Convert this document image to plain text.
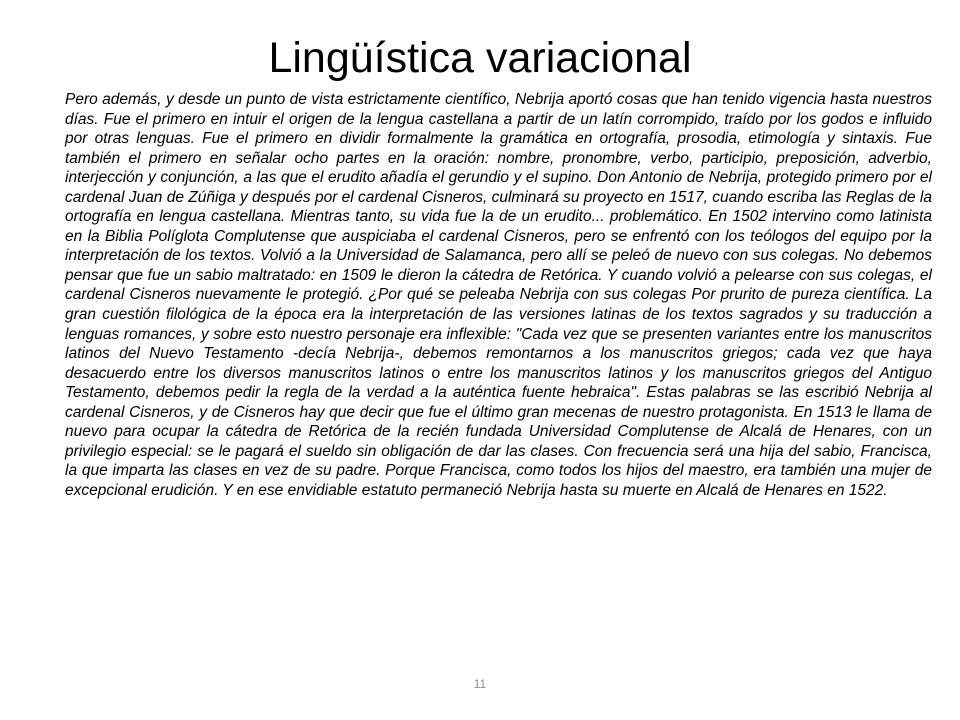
Lingüística variacional

Pero además, y desde un punto de vista estrictamente científico, Nebrija aportó cosas que han tenido vigencia hasta nuestros días. Fue el primero en intuir el origen de la lengua castellana a partir de un latín corrompido, traído por los godos e influido por otras lenguas. Fue el primero en dividir formalmente la gramática en ortografía, prosodia, etimología y sintaxis. Fue también el primero en señalar ocho partes en la oración: nombre, pronombre, verbo, participio, preposición, adverbio, interjección y conjunción, a las que el erudito añadía el gerundio y el supino. Don Antonio de Nebrija, protegido primero por el cardenal Juan de Zúñiga y después por el cardenal Cisneros, culminará su proyecto en 1517, cuando escriba las Reglas de la ortografía en lengua castellana. Mientras tanto, su vida fue la de un erudito... problemático. En 1502 intervino como latinista en la Biblia Políglota Complutense que auspiciaba el cardenal Cisneros, pero se enfrentó con los teólogos del equipo por la interpretación de los textos. Volvió a la Universidad de Salamanca, pero allí se peleó de nuevo con sus colegas. No debemos pensar que fue un sabio maltratado: en 1509 le dieron la cátedra de Retórica. Y cuando volvió a pelearse con sus colegas, el cardenal Cisneros nuevamente le protegió. ¿Por qué se peleaba Nebrija con sus colegas Por prurito de pureza científica. La gran cuestión filológica de la época era la interpretación de las versiones latinas de los textos sagrados y su traducción a lenguas romances, y sobre esto nuestro personaje era inflexible: "Cada vez que se presenten variantes entre los manuscritos latinos del Nuevo Testamento -decía Nebrija-, debemos remontarnos a los manuscritos griegos; cada vez que haya desacuerdo entre los diversos manuscritos latinos o entre los manuscritos latinos y los manuscritos griegos del Antiguo Testamento, debemos pedir la regla de la verdad a la auténtica fuente hebraica". Estas palabras se las escribió Nebrija al cardenal Cisneros, y de Cisneros hay que decir que fue el último gran mecenas de nuestro protagonista. En 1513 le llama de nuevo para ocupar la cátedra de Retórica de la recién fundada Universidad Complutense de Alcalá de Henares, con un privilegio especial: se le pagará el sueldo sin obligación de dar las clases. Con frecuencia será una hija del sabio, Francisca, la que imparta las clases en vez de su padre. Porque Francisca, como todos los hijos del maestro, era también una mujer de excepcional erudición. Y en ese envidiable estatuto permaneció Nebrija hasta su muerte en Alcalá de Henares en 1522.

11
